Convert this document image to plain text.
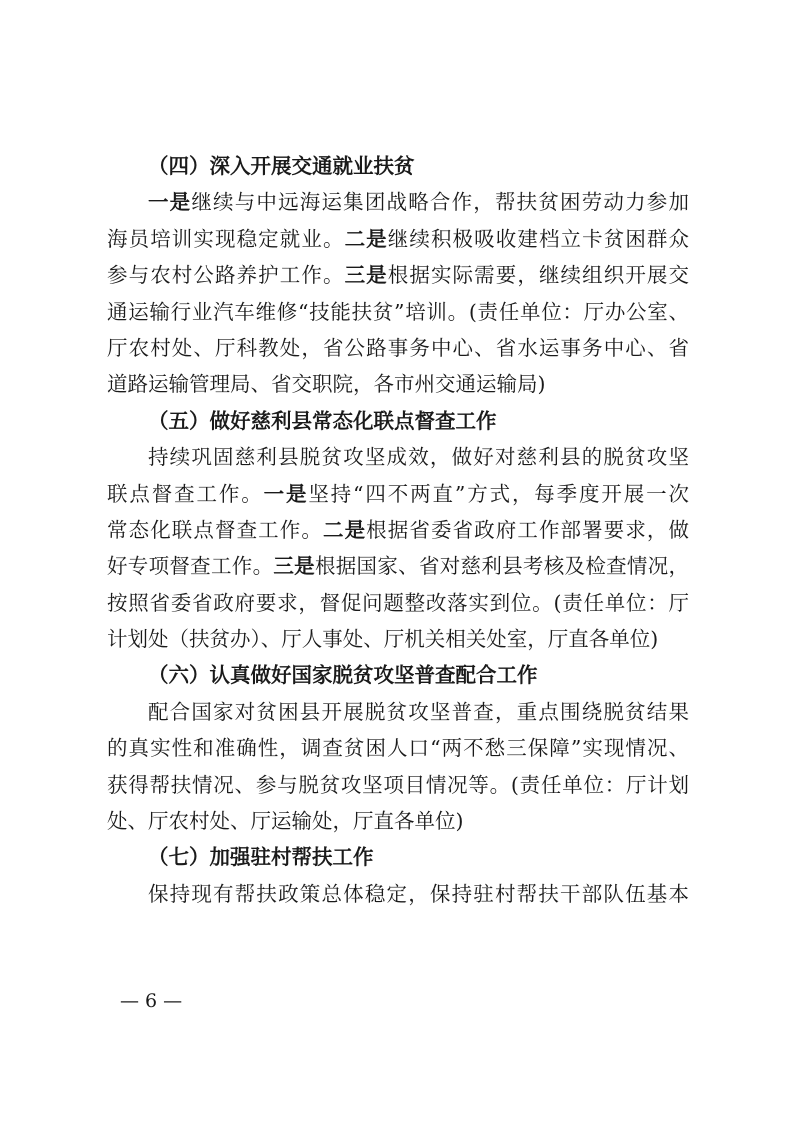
（四）深入开展交通就业扶贫
一是继续与中远海运集团战略合作，帮扶贫困劳动力参加
海员培训实现稳定就业。二是继续积极吸收建档立卡贫困群众
参与农村公路养护工作。三是根据实际需要，继续组织开展交
通运输行业汽车维修“技能扶贫”培训。(责任单位：厅办公室、
厅农村处、厅科教处，省公路事务中心、省水运事务中心、省
道路运输管理局、省交职院，各市州交通运输局)
（五）做好慈利县常态化联点督查工作
持续巩固慈利县脱贫攻坚成效，做好对慈利县的脱贫攻坚
联点督查工作。一是坚持“四不两直”方式，每季度开展一次
常态化联点督查工作。二是根据省委省政府工作部署要求，做
好专项督查工作。三是根据国家、省对慈利县考核及检查情况，
按照省委省政府要求，督促问题整改落实到位。(责任单位：厅
计划处（扶贫办）、厅人事处、厅机关相关处室，厅直各单位)
（六）认真做好国家脱贫攻坚普查配合工作
配合国家对贫困县开展脱贫攻坚普查，重点围绕脱贫结果
的真实性和准确性，调查贫困人口“两不愁三保障”实现情况、
获得帮扶情况、参与脱贫攻坚项目情况等。(责任单位：厅计划
处、厅农村处、厅运输处，厅直各单位)
（七）加强驻村帮扶工作
保持现有帮扶政策总体稳定，保持驻村帮扶干部队伍基本
— 6 —
